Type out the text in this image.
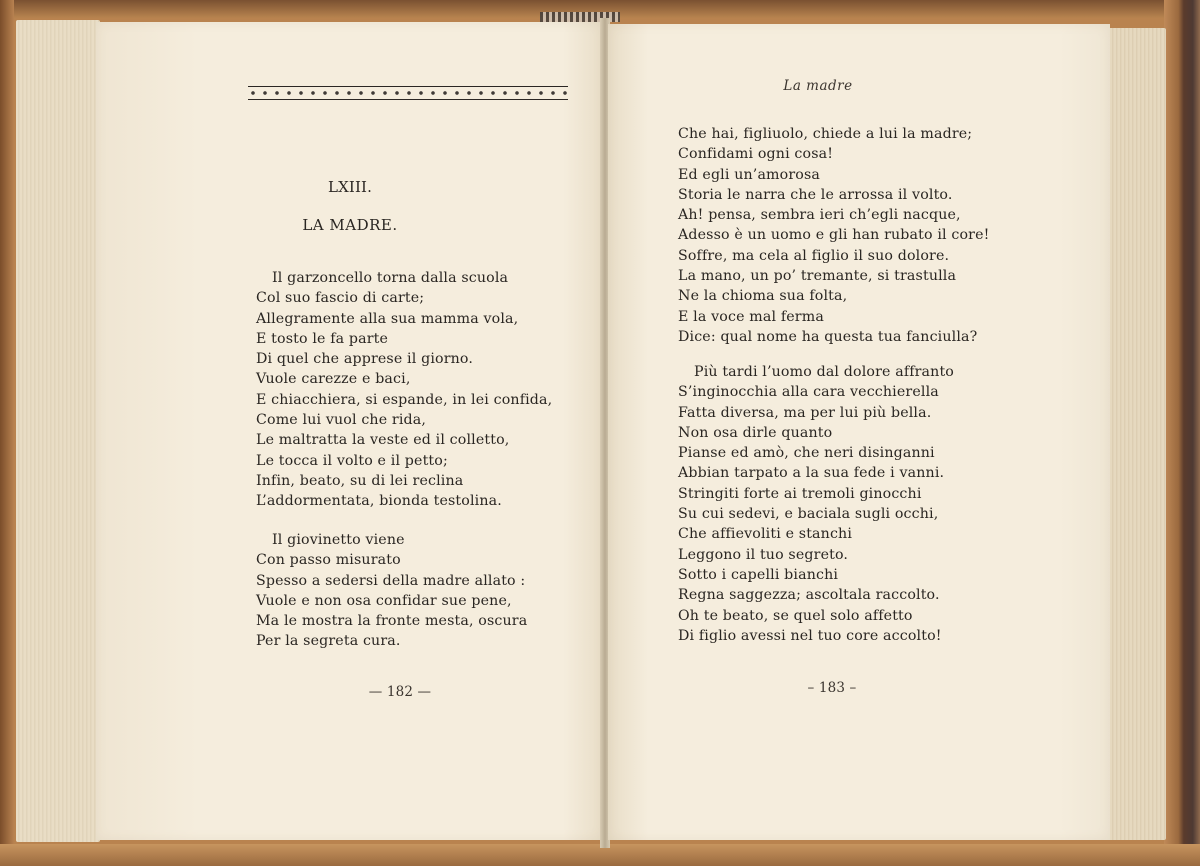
LXIII.
LA MADRE.
Il garzoncello torna dalla scuola
Col suo fascio di carte;
Allegramente alla sua mamma vola,
E tosto le fa parte
Di quel che apprese il giorno.
Vuole carezze e baci,
E chiacchiera, si espande, in lei confida,
Come lui vuol che rida,
Le maltratta la veste ed il colletto,
Le tocca il volto e il petto;
Infin, beato, su di lei reclina
L’addormentata, bionda testolina.
Il giovinetto viene
Con passo misurato
Spesso a sedersi della madre allato :
Vuole e non osa confidar sue pene,
Ma le mostra la fronte mesta, oscura
Per la segreta cura.
— 182 —
La madre
Che hai, figliuolo, chiede a lui la madre;
Confidami ogni cosa!
Ed egli un’amorosa
Storia le narra che le arrossa il volto.
Ah! pensa, sembra ieri ch’egli nacque,
Adesso è un uomo e gli han rubato il core!
Soffre, ma cela al figlio il suo dolore.
La mano, un po’ tremante, si trastulla
Ne la chioma sua folta,
E la voce mal ferma
Dice: qual nome ha questa tua fanciulla?
Più tardi l’uomo dal dolore affranto
S’inginocchia alla cara vecchierella
Fatta diversa, ma per lui più bella.
Non osa dirle quanto
Pianse ed amò, che neri disinganni
Abbian tarpato a la sua fede i vanni.
Stringiti forte ai tremoli ginocchi
Su cui sedevi, e baciala sugli occhi,
Che affievoliti e stanchi
Leggono il tuo segreto.
Sotto i capelli bianchi
Regna saggezza; ascoltala raccolto.
Oh te beato, se quel solo affetto
Di figlio avessi nel tuo core accolto!
– 183 –
